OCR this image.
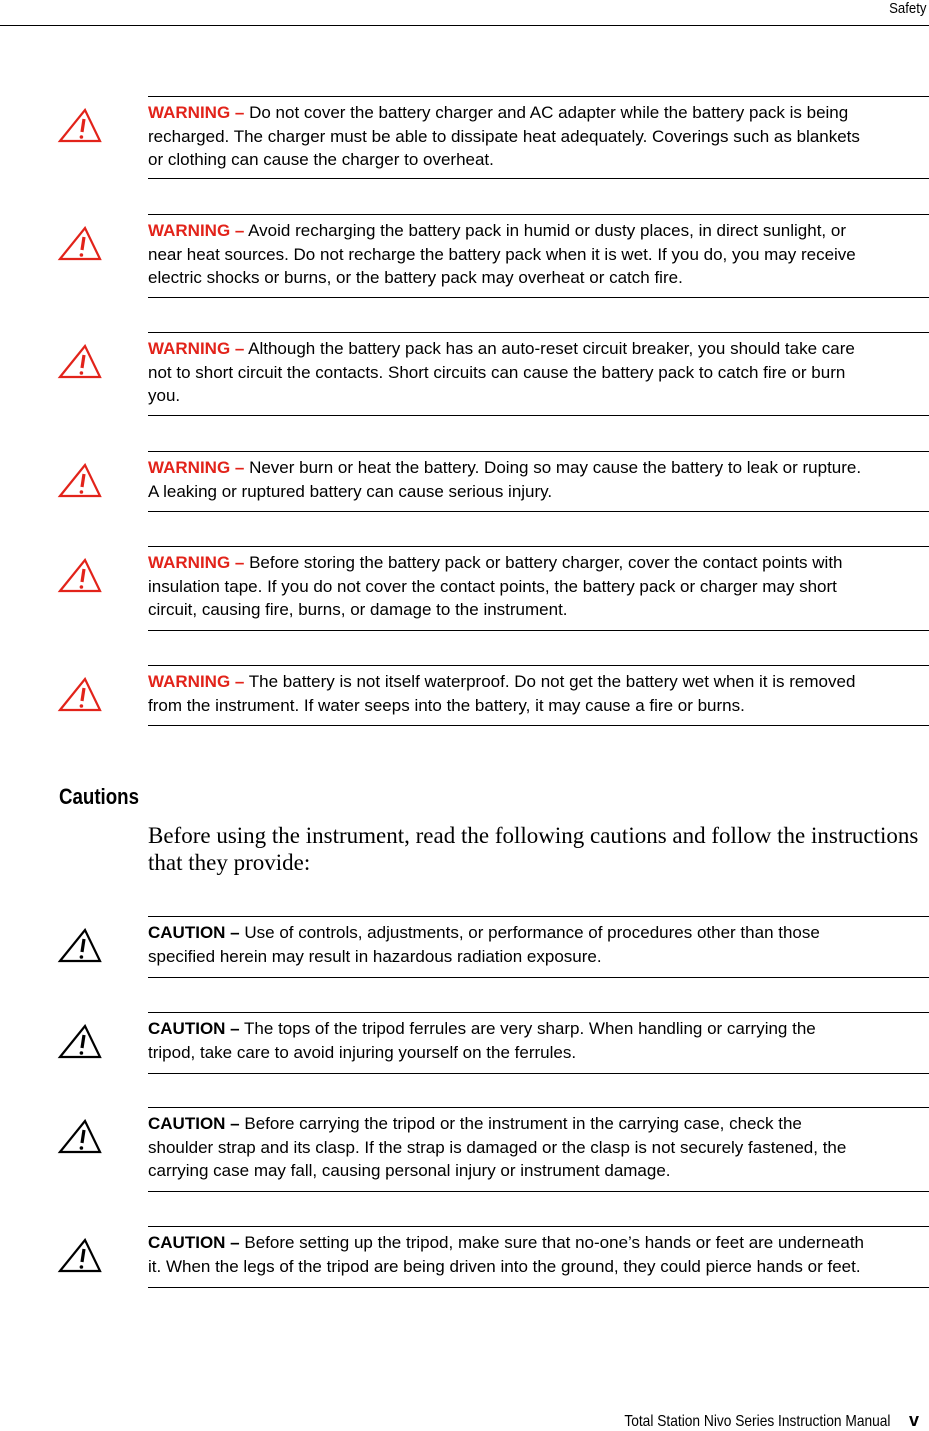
Safety
WARNING – Do not cover the battery charger and AC adapter while the battery pack is being
recharged. The charger must be able to dissipate heat adequately. Coverings such as blankets
or clothing can cause the charger to overheat.
WARNING – Avoid recharging the battery pack in humid or dusty places, in direct sunlight, or
near heat sources. Do not recharge the battery pack when it is wet. If you do, you may receive
electric shocks or burns, or the battery pack may overheat or catch fire.
WARNING – Although the battery pack has an auto-reset circuit breaker, you should take care
not to short circuit the contacts. Short circuits can cause the battery pack to catch fire or burn
you.
WARNING – Never burn or heat the battery. Doing so may cause the battery to leak or rupture.
A leaking or ruptured battery can cause serious injury.
WARNING – Before storing the battery pack or battery charger, cover the contact points with
insulation tape. If you do not cover the contact points, the battery pack or charger may short
circuit, causing fire, burns, or damage to the instrument.
WARNING – The battery is not itself waterproof. Do not get the battery wet when it is removed
from the instrument. If water seeps into the battery, it may cause a fire or burns.
Cautions
Before using the instrument, read the following cautions and follow the instructions
that they provide:
CAUTION – Use of controls, adjustments, or performance of procedures other than those
specified herein may result in hazardous radiation exposure.
CAUTION – The tops of the tripod ferrules are very sharp. When handling or carrying the
tripod, take care to avoid injuring yourself on the ferrules.
CAUTION – Before carrying the tripod or the instrument in the carrying case, check the
shoulder strap and its clasp. If the strap is damaged or the clasp is not securely fastened, the
carrying case may fall, causing personal injury or instrument damage.
CAUTION – Before setting up the tripod, make sure that no-one’s hands or feet are underneath
it. When the legs of the tripod are being driven into the ground, they could pierce hands or feet.
Total Station Nivo Series Instruction Manual v
